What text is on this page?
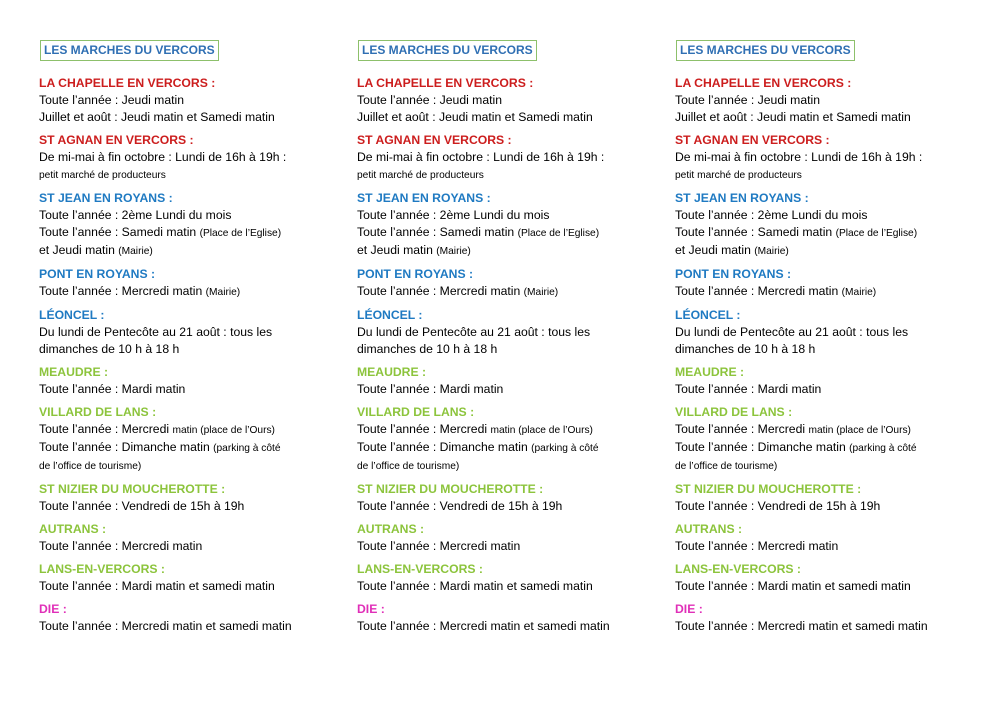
LES MARCHES DU VERCORS
LA CHAPELLE EN VERCORS :
Toute l’année : Jeudi matin
Juillet et août : Jeudi matin et Samedi matin
ST AGNAN EN VERCORS :
De mi-mai à fin octobre : Lundi de 16h à 19h :
petit marché de producteurs
ST JEAN EN ROYANS :
Toute l’année : 2ème Lundi du mois
Toute l’année : Samedi matin (Place de l’Eglise)
et Jeudi matin (Mairie)
PONT EN ROYANS :
Toute l’année : Mercredi matin (Mairie)
LÉONCEL :
Du lundi de Pentecôte au 21 août : tous les
dimanches de 10 h à 18 h
MEAUDRE :
Toute l’année : Mardi matin
VILLARD DE LANS :
Toute l’année : Mercredi matin (place de l’Ours)
Toute l’année : Dimanche matin (parking à côté
de l’office de tourisme)
ST NIZIER DU MOUCHEROTTE :
Toute l’année : Vendredi de 15h à 19h
AUTRANS :
Toute l’année : Mercredi matin
LANS-EN-VERCORS :
Toute l’année : Mardi matin et samedi matin
DIE :
Toute l’année : Mercredi matin et samedi matin
LES MARCHES DU VERCORS
LA CHAPELLE EN VERCORS :
Toute l’année : Jeudi matin
Juillet et août : Jeudi matin et Samedi matin
ST AGNAN EN VERCORS :
De mi-mai à fin octobre : Lundi de 16h à 19h :
petit marché de producteurs
ST JEAN EN ROYANS :
Toute l’année : 2ème Lundi du mois
Toute l’année : Samedi matin (Place de l’Eglise)
et Jeudi matin (Mairie)
PONT EN ROYANS :
Toute l’année : Mercredi matin (Mairie)
LÉONCEL :
Du lundi de Pentecôte au 21 août : tous les
dimanches de 10 h à 18 h
MEAUDRE :
Toute l’année : Mardi matin
VILLARD DE LANS :
Toute l’année : Mercredi matin (place de l’Ours)
Toute l’année : Dimanche matin (parking à côté
de l’office de tourisme)
ST NIZIER DU MOUCHEROTTE :
Toute l’année : Vendredi de 15h à 19h
AUTRANS :
Toute l’année : Mercredi matin
LANS-EN-VERCORS :
Toute l’année : Mardi matin et samedi matin
DIE :
Toute l’année : Mercredi matin et samedi matin
LES MARCHES DU VERCORS
LA CHAPELLE EN VERCORS :
Toute l’année : Jeudi matin
Juillet et août : Jeudi matin et Samedi matin
ST AGNAN EN VERCORS :
De mi-mai à fin octobre : Lundi de 16h à 19h :
petit marché de producteurs
ST JEAN EN ROYANS :
Toute l’année : 2ème Lundi du mois
Toute l’année : Samedi matin (Place de l’Eglise)
et Jeudi matin (Mairie)
PONT EN ROYANS :
Toute l’année : Mercredi matin (Mairie)
LÉONCEL :
Du lundi de Pentecôte au 21 août : tous les
dimanches de 10 h à 18 h
MEAUDRE :
Toute l’année : Mardi matin
VILLARD DE LANS :
Toute l’année : Mercredi matin (place de l’Ours)
Toute l’année : Dimanche matin (parking à côté
de l’office de tourisme)
ST NIZIER DU MOUCHEROTTE :
Toute l’année : Vendredi de 15h à 19h
AUTRANS :
Toute l’année : Mercredi matin
LANS-EN-VERCORS :
Toute l’année : Mardi matin et samedi matin
DIE :
Toute l’année : Mercredi matin et samedi matin
